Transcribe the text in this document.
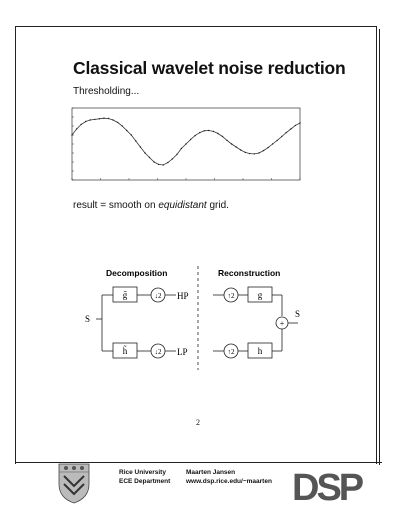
Classical wavelet noise reduction
Thresholding...
result = smooth on equidistant grid.
Decomposition	Reconstruction
S
g̃	↓2 HP	↑2	g
h̃	↓2 LP	↑2	h
+
S
2
Rice University
ECE Department
Maarten Jansen
www.dsp.rice.edu/~maarten DSP
